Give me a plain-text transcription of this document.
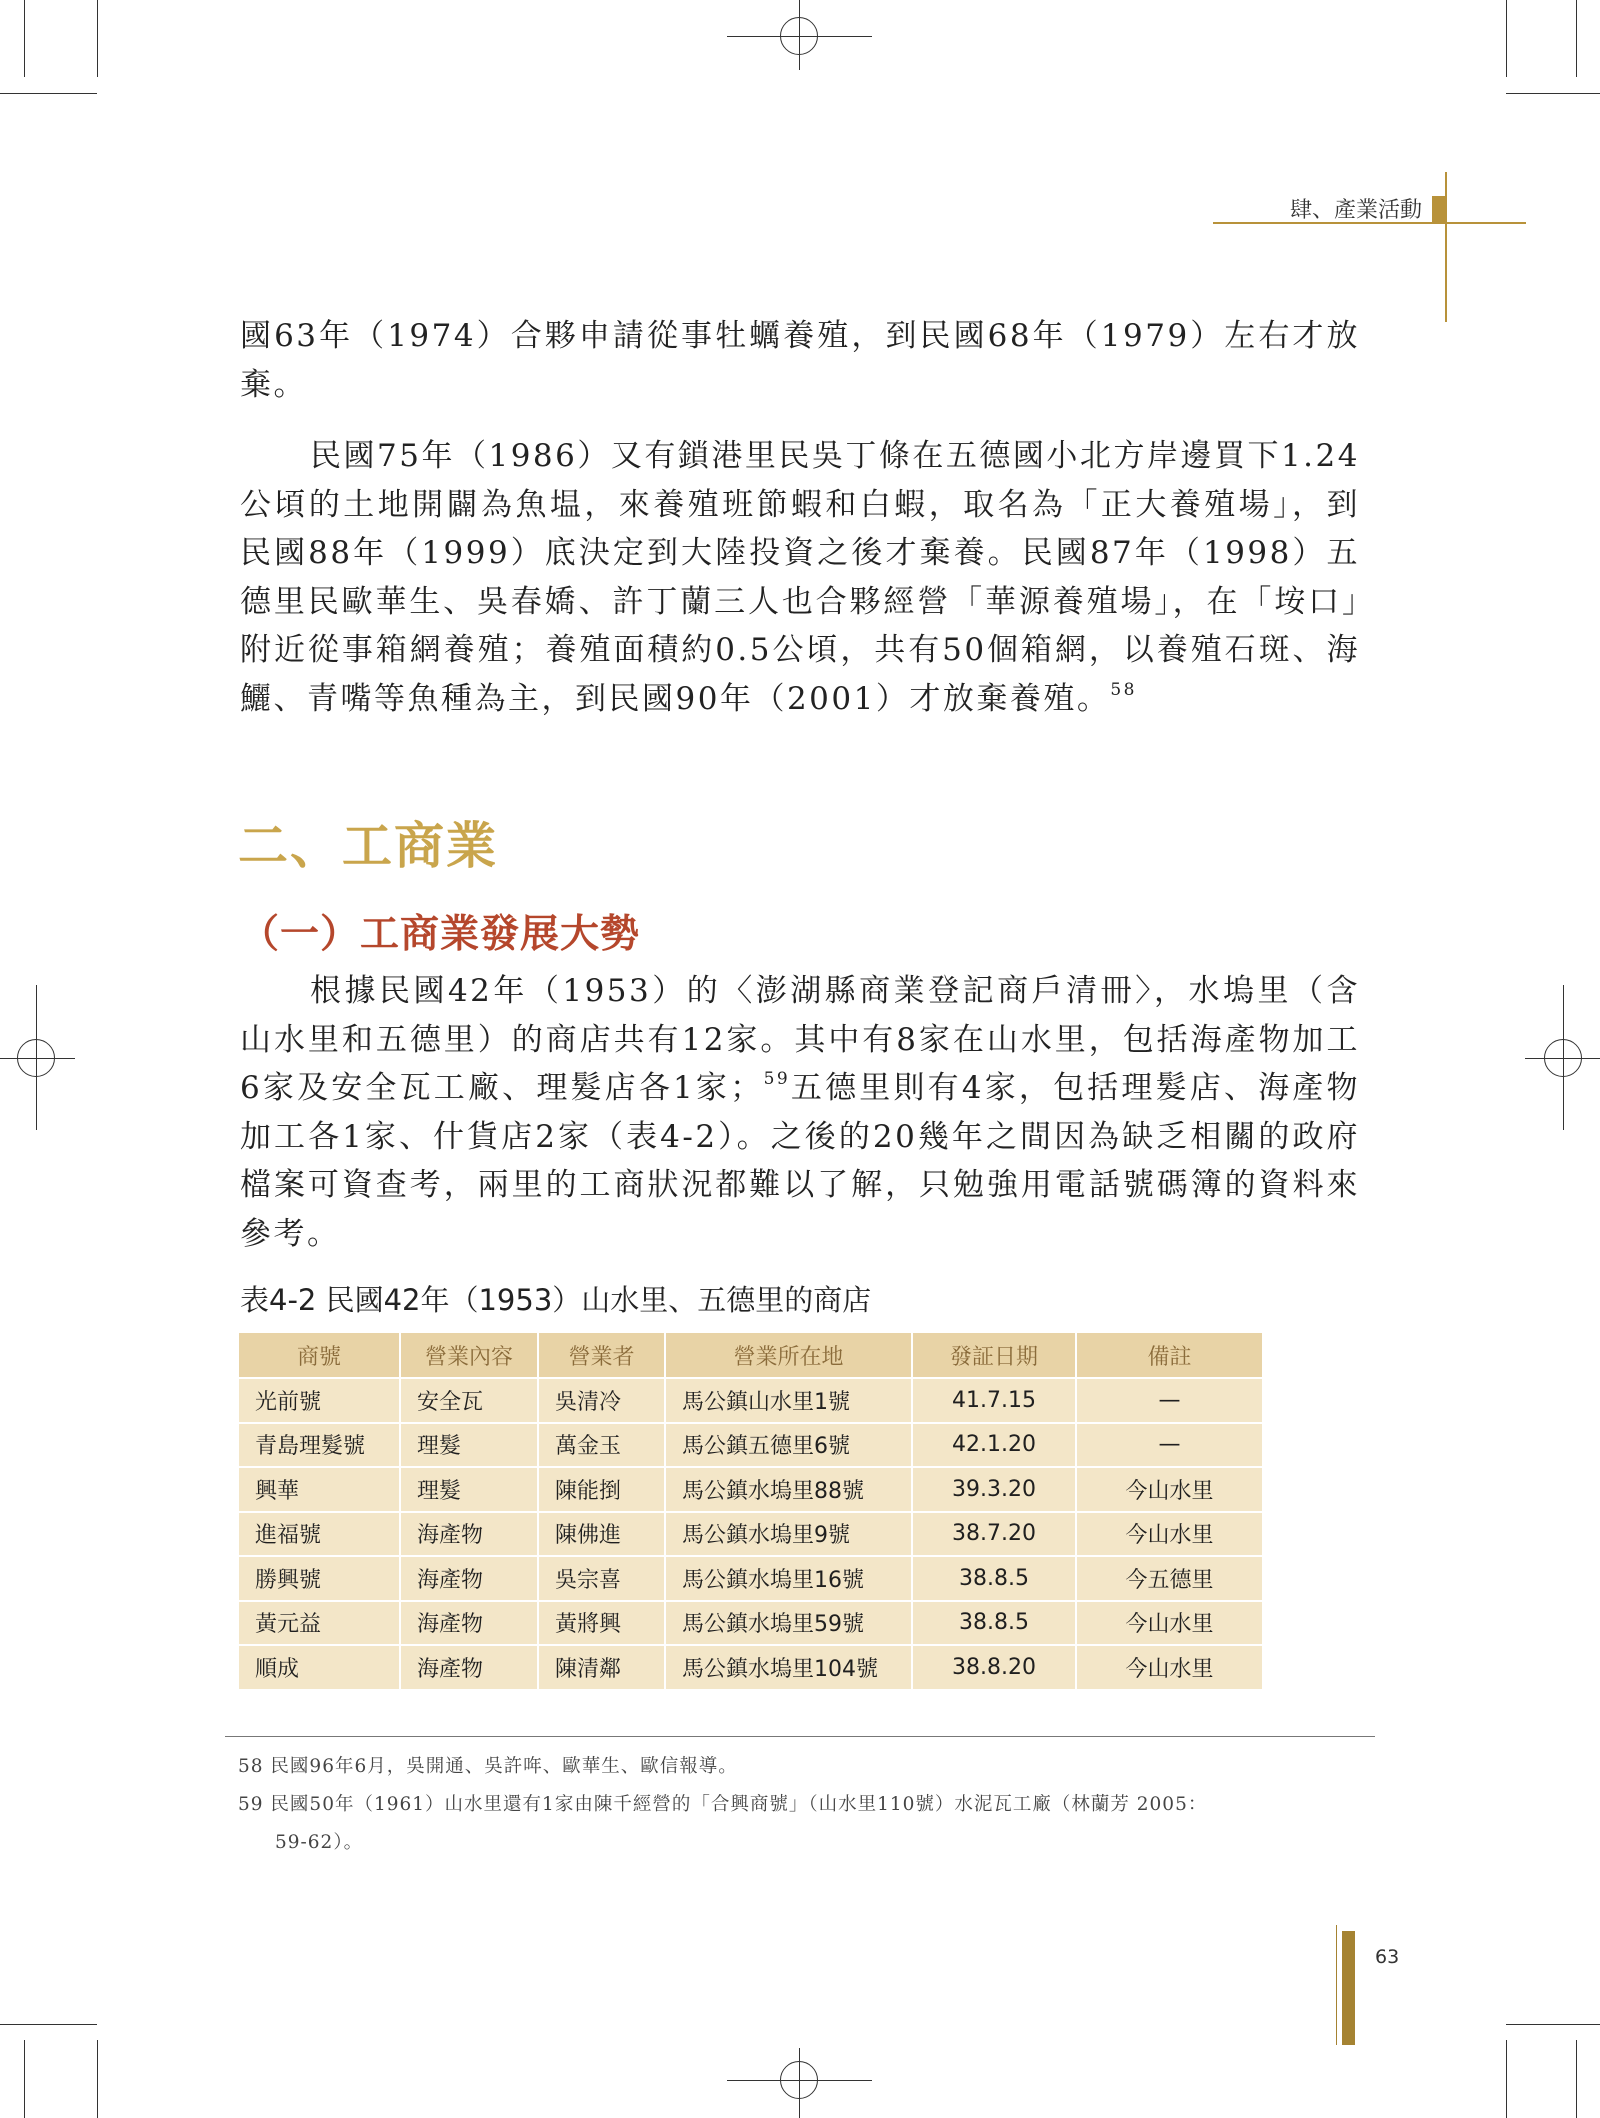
肆、產業活動
國63年（1974）合夥申請從事牡蠣養殖，到民國68年（1979）左右才放棄。
民國75年（1986）又有鎖港里民吳丁條在五德國小北方岸邊買下1.24公頃的土地開闢為魚塭，來養殖班節蝦和白蝦，取名為「正大養殖場」，到民國88年（1999）底決定到大陸投資之後才棄養。民國87年（1998）五德里民歐華生、吳春嬌、許丁蘭三人也合夥經營「華源養殖場」，在「垵口」附近從事箱網養殖；養殖面積約0.5公頃，共有50個箱網，以養殖石斑、海鱺、青嘴等魚種為主，到民國90年（2001）才放棄養殖。$^{58}$
二、工商業
（一）工商業發展大勢
根據民國42年（1953）的〈澎湖縣商業登記商戶清冊〉，水塢里（含山水里和五德里）的商店共有12家。其中有8家在山水里，包括海產物加工6家及安全瓦工廠、理髮店各1家；$^{59}$五德里則有4家，包括理髮店、海產物加工各1家、什貨店2家（表4-2）。之後的20幾年之間因為缺乏相關的政府檔案可資查考，兩里的工商狀況都難以了解，只勉強用電話號碼簿的資料來參考。
表4-2 民國42年（1953）山水里、五德里的商店
商號	營業內容	營業者	營業所在地	發証日期	備註
光前號	安全瓦	吳清冷	馬公鎮山水里1號	41.7.15	—
青島理髮號	理髮	萬金玉	馬公鎮五德里6號	42.1.20	—
興華	理髮	陳能捯	馬公鎮水塢里88號	39.3.20	今山水里
進福號	海產物	陳佛進	馬公鎮水塢里9號	38.7.20	今山水里
勝興號	海產物	吳宗喜	馬公鎮水塢里16號	38.8.5	今五德里
黃元益	海產物	黃將興	馬公鎮水塢里59號	38.8.5	今山水里
順成	海產物	陳清鄰	馬公鎮水塢里104號	38.8.20	今山水里
58 民國96年6月，吳開通、吳許哖、歐華生、歐信報導。
59 民國50年（1961）山水里還有1家由陳千經營的「合興商號」（山水里110號）水泥瓦工廠（林蘭芳 2005：
59-62）。
63
